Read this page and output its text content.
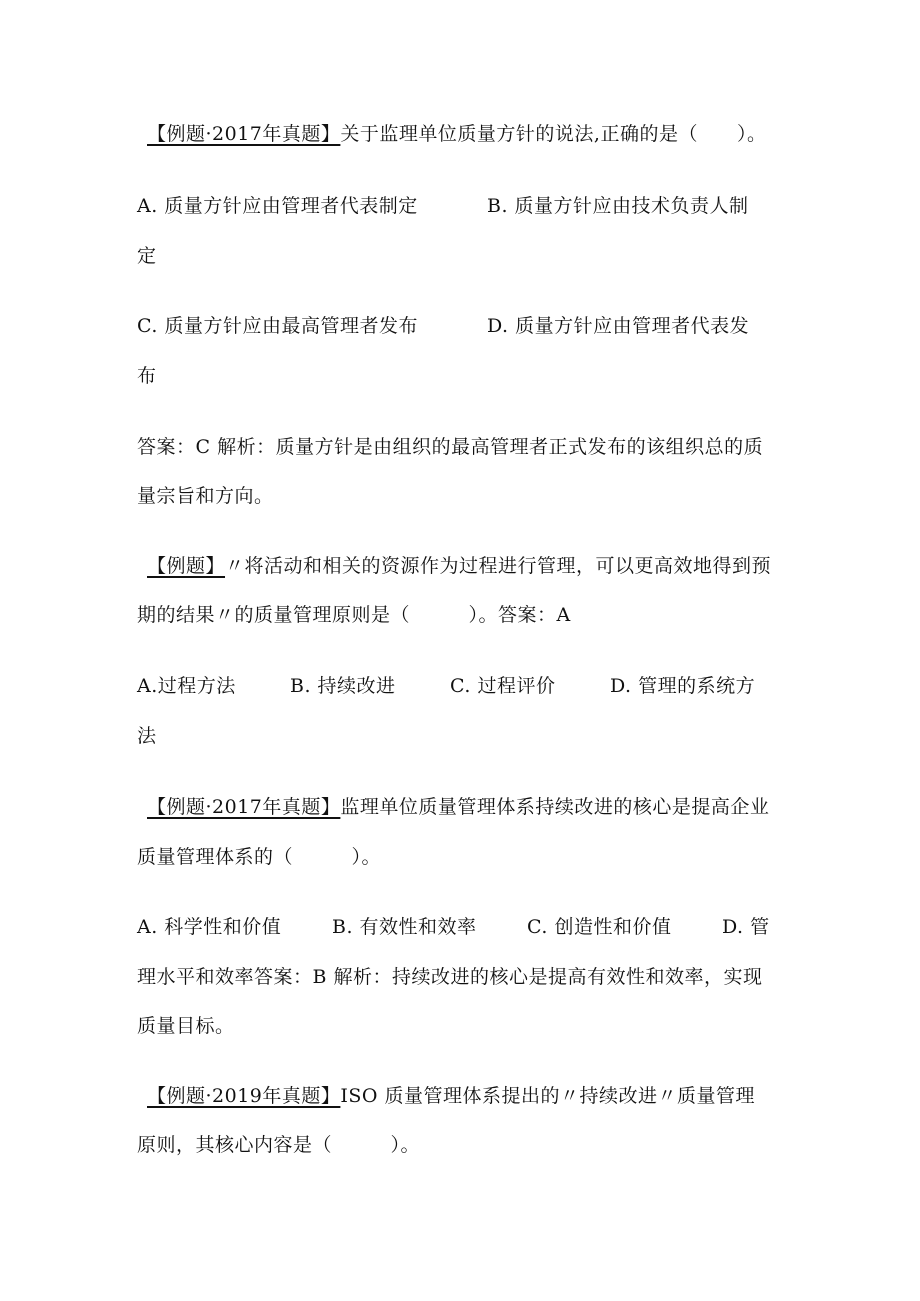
【例题·2017年真题】关于监理单位质量方针的说法,正确的是（　　）。
A. 质量方针应由管理者代表制定	B. 质量方针应由技术负责人制
定
C. 质量方针应由最高管理者发布	D. 质量方针应由管理者代表发
布
答案：C 解析：质量方针是由组织的最高管理者正式发布的该组织总的质
量宗旨和方向。
【例题】〃将活动和相关的资源作为过程进行管理，可以更高效地得到预
期的结果〃的质量管理原则是（　　　）。答案：A
A.过程方法	B. 持续改进	C. 过程评价	D. 管理的系统方
法
【例题·2017年真题】监理单位质量管理体系持续改进的核心是提高企业
质量管理体系的（　　　）。
A. 科学性和价值	B. 有效性和效率	C. 创造性和价值	D. 管
理水平和效率答案：B 解析：持续改进的核心是提高有效性和效率，实现
质量目标。
【例题·2019年真题】ISO 质量管理体系提出的〃持续改进〃质量管理
原则，其核心内容是（　　　）。
